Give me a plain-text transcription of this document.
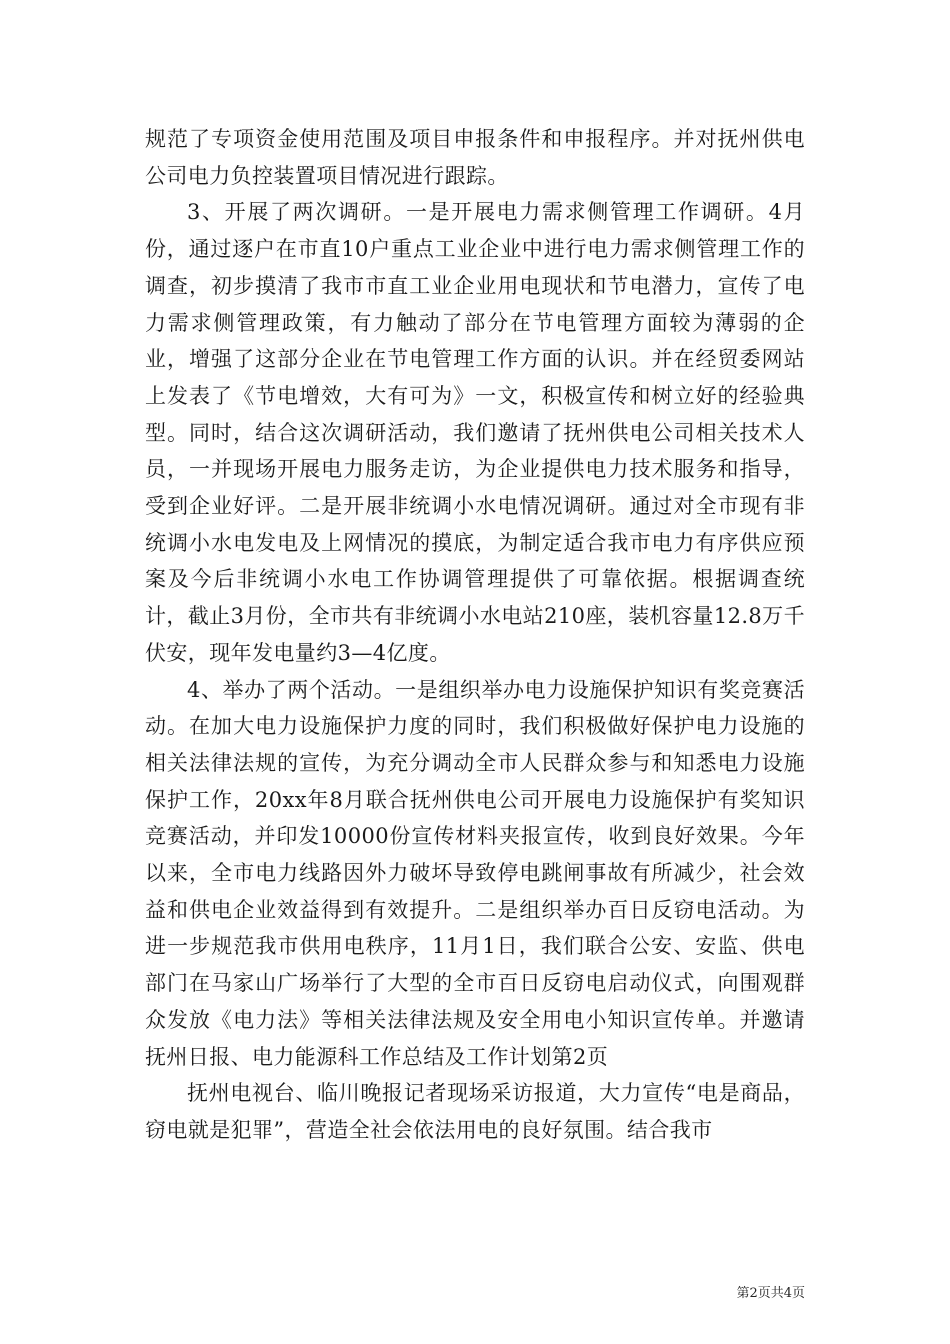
规范了专项资金使用范围及项目申报条件和申报程序。并对抚州供电公司电力负控装置项目情况进行跟踪。

3、开展了两次调研。一是开展电力需求侧管理工作调研。4月份，通过逐户在市直10户重点工业企业中进行电力需求侧管理工作的调查，初步摸清了我市市直工业企业用电现状和节电潜力，宣传了电力需求侧管理政策，有力触动了部分在节电管理方面较为薄弱的企业，增强了这部分企业在节电管理工作方面的认识。并在经贸委网站上发表了《节电增效，大有可为》一文，积极宣传和树立好的经验典型。同时，结合这次调研活动，我们邀请了抚州供电公司相关技术人员，一并现场开展电力服务走访，为企业提供电力技术服务和指导，受到企业好评。二是开展非统调小水电情况调研。通过对全市现有非统调小水电发电及上网情况的摸底，为制定适合我市电力有序供应预案及今后非统调小水电工作协调管理提供了可靠依据。根据调查统计，截止3月份，全市共有非统调小水电站210座，装机容量12.8万千伏安，现年发电量约3—4亿度。

4、举办了两个活动。一是组织举办电力设施保护知识有奖竞赛活动。在加大电力设施保护力度的同时，我们积极做好保护电力设施的相关法律法规的宣传，为充分调动全市人民群众参与和知悉电力设施保护工作，20xx年8月联合抚州供电公司开展电力设施保护有奖知识竞赛活动，并印发10000份宣传材料夹报宣传，收到良好效果。今年以来，全市电力线路因外力破坏导致停电跳闸事故有所减少，社会效益和供电企业效益得到有效提升。二是组织举办百日反窃电活动。为进一步规范我市供用电秩序，11月1日，我们联合公安、安监、供电部门在马家山广场举行了大型的全市百日反窃电启动仪式，向围观群众发放《电力法》等相关法律法规及安全用电小知识宣传单。并邀请抚州日报、电力能源科工作总结及工作计划第2页

抚州电视台、临川晚报记者现场采访报道，大力宣传“电是商品，窃电就是犯罪”，营造全社会依法用电的良好氛围。结合我市

第2页共4页
